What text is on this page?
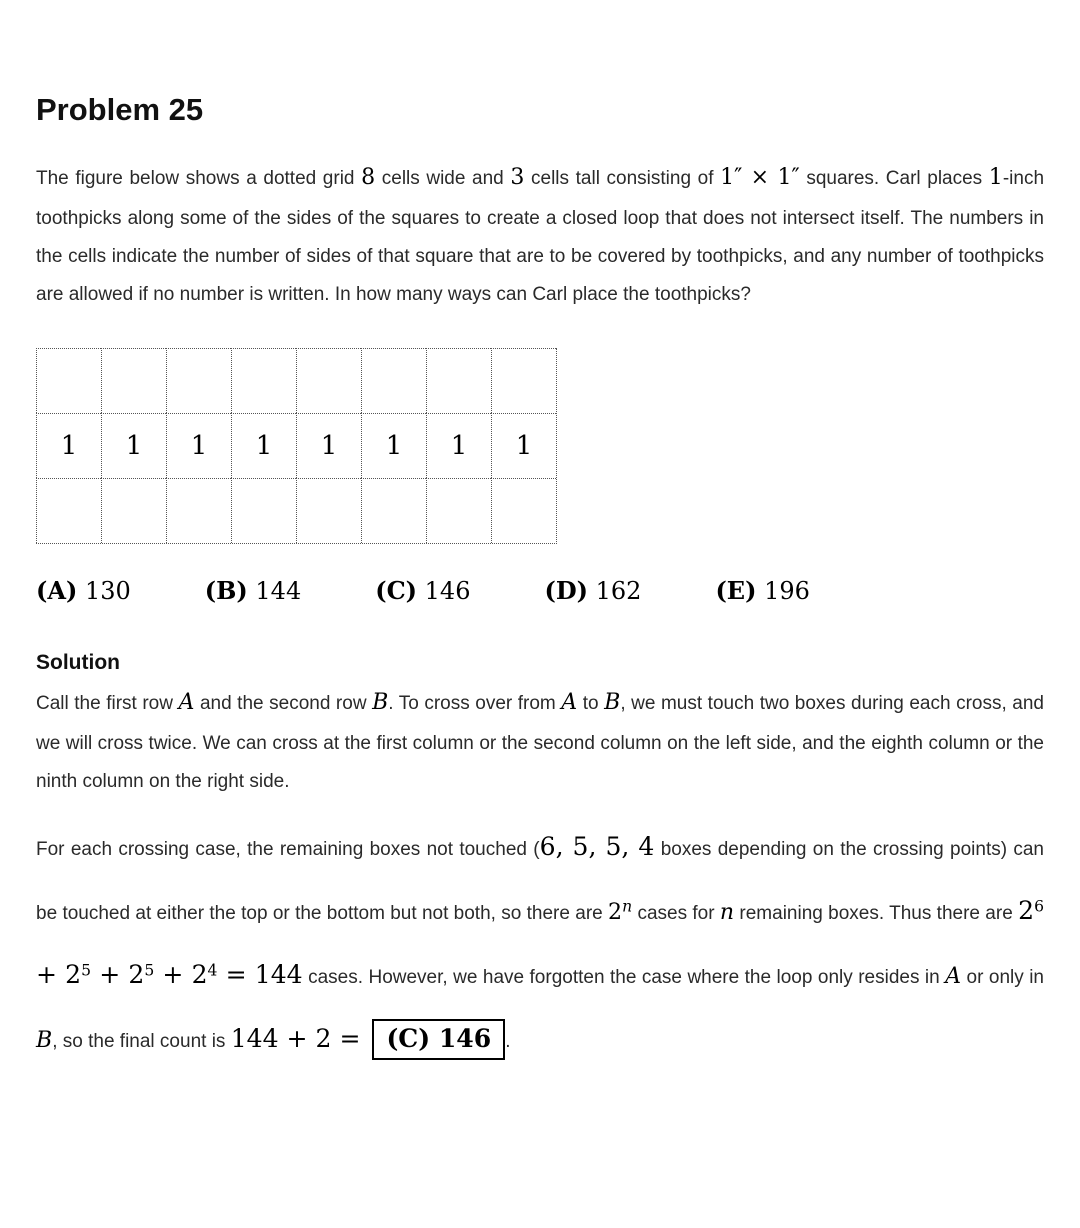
Problem 25

The figure below shows a dotted grid 8 cells wide and 3 cells tall consisting of 1″ × 1″ squares. Carl places 1-inch toothpicks along some of the sides of the squares to create a closed loop that does not intersect itself. The numbers in the cells indicate the number of sides of that square that are to be covered by toothpicks, and any number of toothpicks are allowed if no number is written. In how many ways can Carl place the toothpicks?

1	1	1	1	1	1	1	1
(A) 130	(B) 144	(C) 146	(D) 162	(E) 196
Solution

Call the first row A and the second row B. To cross over from A to B, we must touch two boxes during each cross, and we will cross twice. We can cross at the first column or the second column on the left side, and the eighth column or the ninth column on the right side.

For each crossing case, the remaining boxes not touched (6, 5, 5, 4 boxes depending on the crossing points) can be touched at either the top or the bottom but not both, so there are 2$^n$ cases for n remaining boxes. Thus there are $2^6 + 2^5 + 2^5 + 2^4 = 144$ cases. However, we have forgotten the case where the loop only resides in A or only in B, so the final count is 144 + 2 = (C) 146 .
